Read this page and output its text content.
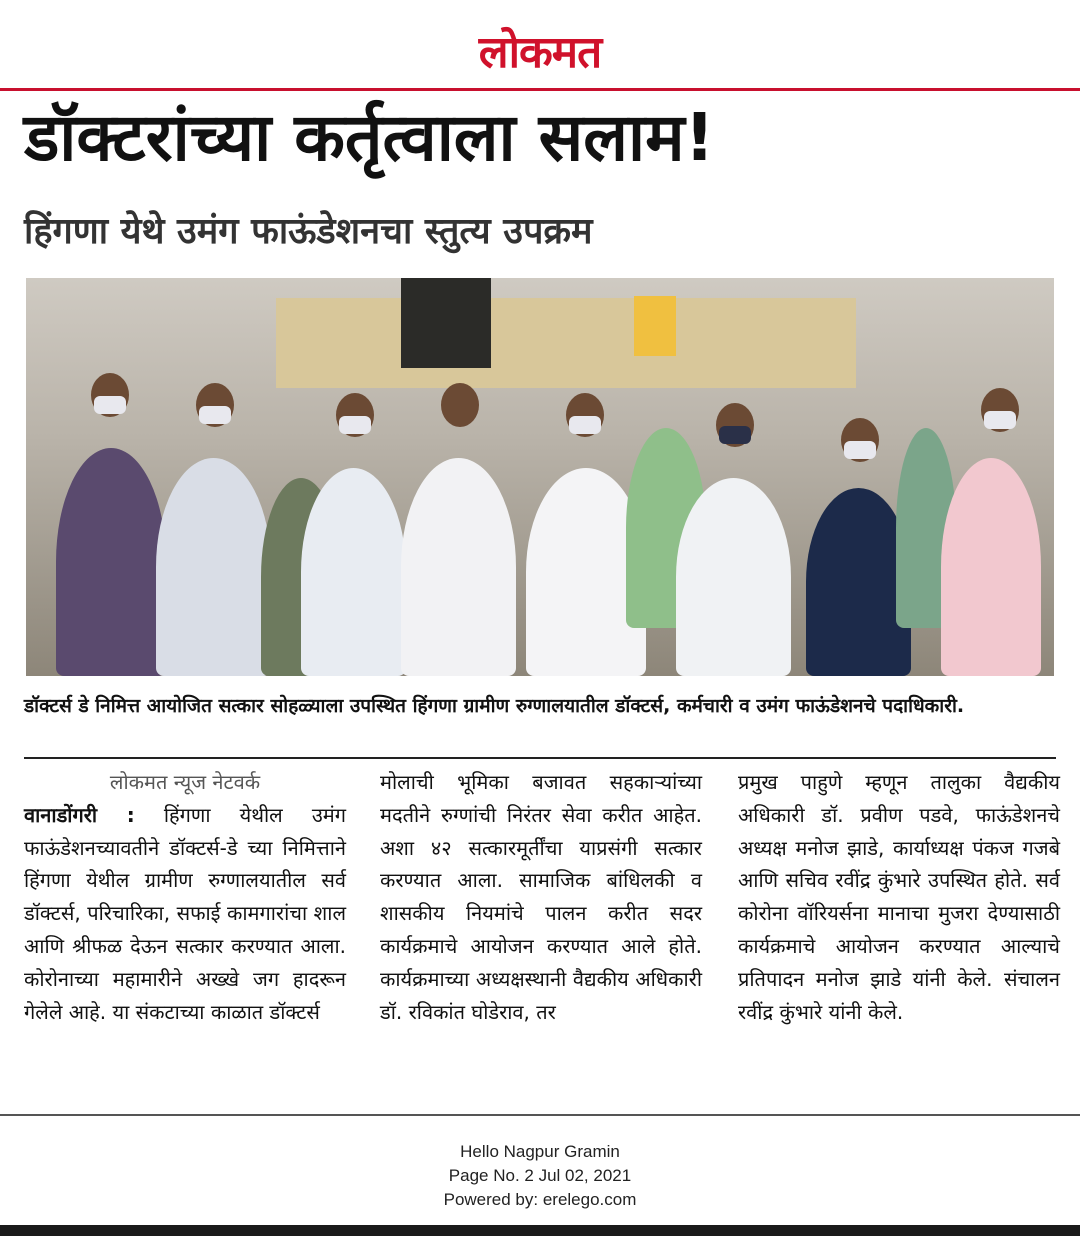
लोकमत
डॉक्टरांच्या कर्तृत्वाला सलाम!
हिंगणा येथे उमंग फाऊंडेशनचा स्तुत्य उपक्रम
डॉक्टर्स डे निमित्त आयोजित सत्कार सोहळ्याला उपस्थित हिंगणा ग्रामीण रुग्णालयातील डॉक्टर्स, कर्मचारी व उमंग फाऊंडेशनचे पदाधिकारी.
लोकमत न्यूज नेटवर्क
वानाडोंगरी : हिंगणा येथील उमंग फाऊंडेशनच्यावतीने डॉक्टर्स-डे च्या निमित्ताने हिंगणा येथील ग्रामीण रुग्णालयातील सर्व डॉक्टर्स, परिचारिका, सफाई कामगारांचा शाल आणि श्रीफळ देऊन सत्कार करण्यात आला. कोरोनाच्या महामारीने अख्खे जग हादरून गेलेले आहे. या संकटाच्या काळात डॉक्टर्स
मोलाची भूमिका बजावत सहकाऱ्यांच्या मदतीने रुग्णांची निरंतर सेवा करीत आहेत. अशा ४२ सत्कारमूर्तींचा याप्रसंगी सत्कार करण्यात आला. सामाजिक बांधिलकी व शासकीय नियमांचे पालन करीत सदर कार्यक्रमाचे आयोजन करण्यात आले होते. कार्यक्रमाच्या अध्यक्षस्थानी वैद्यकीय अधिकारी डॉ. रविकांत घोडेराव, तर
प्रमुख पाहुणे म्हणून तालुका वैद्यकीय अधिकारी डॉ. प्रवीण पडवे, फाऊंडेशनचे अध्यक्ष मनोज झाडे, कार्याध्यक्ष पंकज गजबे आणि सचिव रवींद्र कुंभारे उपस्थित होते. सर्व कोरोना वॉरियर्सना मानाचा मुजरा देण्यासाठी कार्यक्रमाचे आयोजन करण्यात आल्याचे प्रतिपादन मनोज झाडे यांनी केले. संचालन रवींद्र कुंभारे यांनी केले.
Hello Nagpur Gramin
Page No. 2 Jul 02, 2021
Powered by: erelego.com
